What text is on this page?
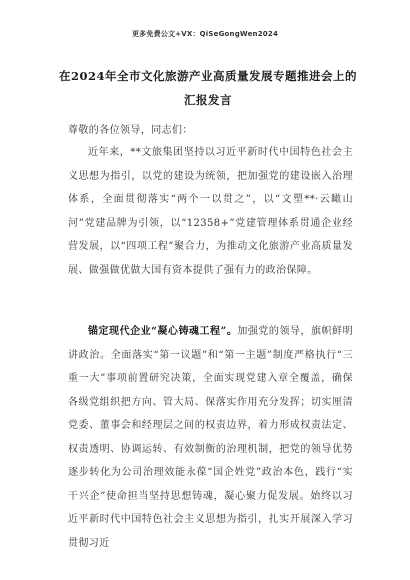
更多免费公文+VX：QiSeGongWen2024
在2024年全市文化旅游产业高质量发展专题推进会上的汇报发言

尊敬的各位领导，同志们：

近年来，**文旅集团坚持以习近平新时代中国特色社会主义思想为指引，以党的建设为统领，把加强党的建设嵌入治理体系，全面贯彻落实“两个一以贯之”，以“文塑**·云瞰山河”党建品牌为引领，以“12358+”党建管理体系贯通企业经营发展，以“四项工程”聚合力，为推动文化旅游产业高质量发展、做强做优做大国有资本提供了强有力的政治保障。

锚定现代企业“凝心铸魂工程”。加强党的领导，旗帜鲜明讲政治。全面落实“第一议题”和“第一主题”制度严格执行“三重一大”事项前置研究决策，全面实现党建入章全覆盖，确保各级党组织把方向、管大局、保落实作用充分发挥；切实厘清党委、董事会和经理层之间的权责边界，着力形成权责法定、权责透明、协调运转、有效制衡的治理机制，把党的领导优势逐步转化为公司治理效能永葆“国企姓党”政治本色，践行“实干兴企”使命担当坚持思想铸魂，凝心聚力促发展。始终以习近平新时代中国特色社会主义思想为指引，扎实开展深入学习贯彻习近
